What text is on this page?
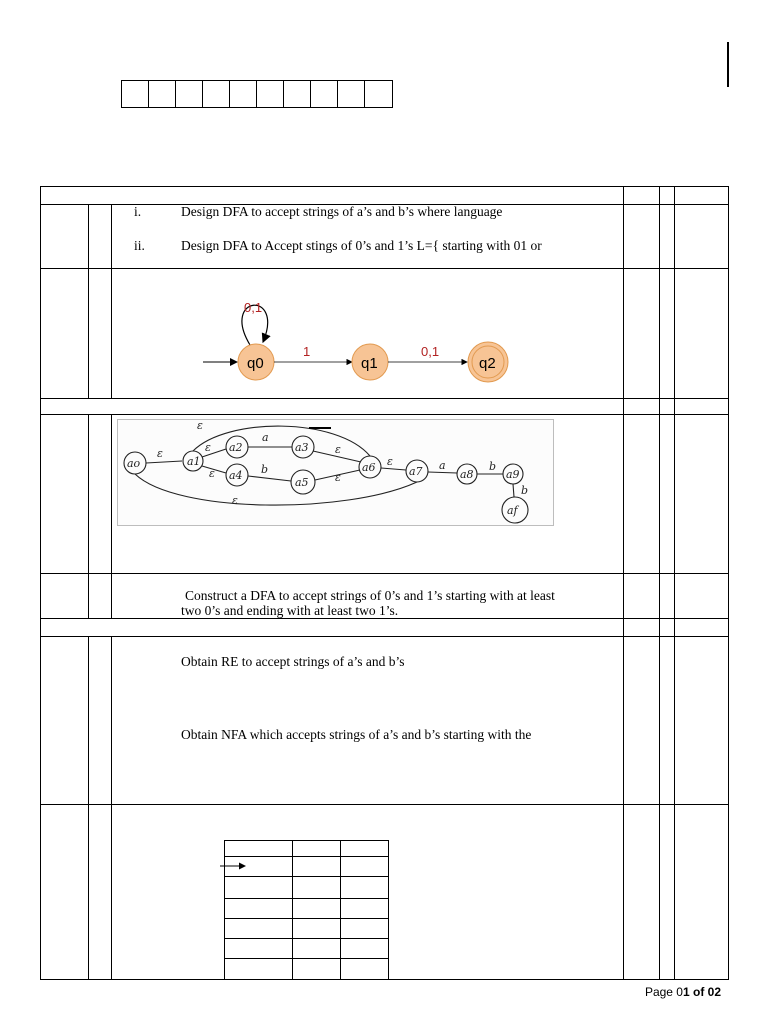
i.	Design DFA to accept strings of a’s and b’s where language
ii.	Design DFA to Accept stings of 0’s and 1’s L={ starting with 01 or
0,1
q0
1
q1
0,1
q2
ao	a1
a2	a3
a4
a5
a6	a7	a8	a9
af
ε	ε
a
ε
b
ε	ε
ε
ε	a	b
b
ε
Construct a DFA to accept strings of 0’s and 1’s starting with at least
two 0’s and ending with at least two 1’s.
Obtain RE to accept strings of a’s and b’s
Obtain NFA which accepts strings of a’s and b’s starting with the
Page 01 of 02
